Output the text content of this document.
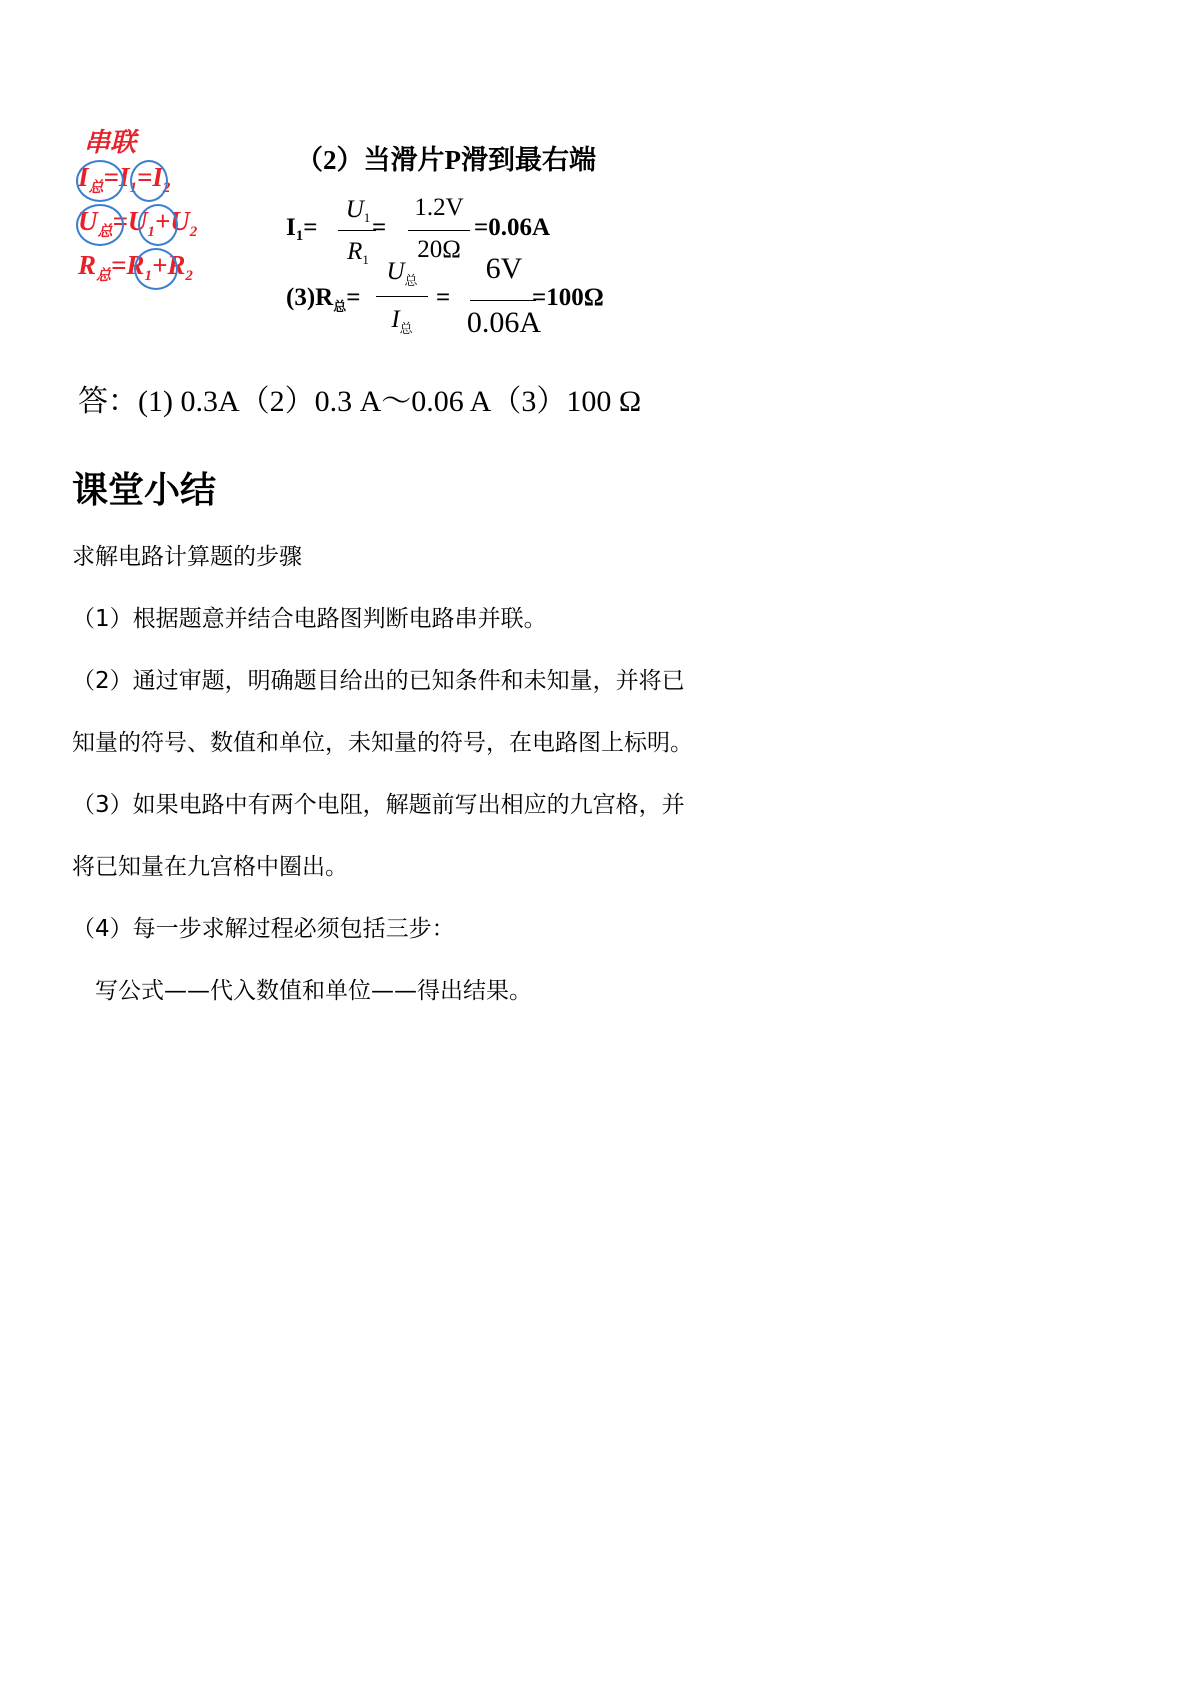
串联
$I_总=I_1=I_2$
$U_总=U_1+U_2$
$R_总=R_1+R_2$
（2）当滑片P滑到最右端
$I_1=$
$U_1$
$R_1$
=
1.2V
20Ω
=0.06A
$(3)R_总=$
$U_总$
$I_总$
=
6V
0.06A
=100Ω
答：(1) 0.3A（2）0.3 A～0.06 A（3）100 Ω
课堂小结
求解电路计算题的步骤
（1）根据题意并结合电路图判断电路串并联。
（2）通过审题，明确题目给出的已知条件和未知量，并将已
知量的符号、数值和单位，未知量的符号，在电路图上标明。
（3）如果电路中有两个电阻，解题前写出相应的九宫格，并
将已知量在九宫格中圈出。
（4）每一步求解过程必须包括三步：
　写公式——代入数值和单位——得出结果。
